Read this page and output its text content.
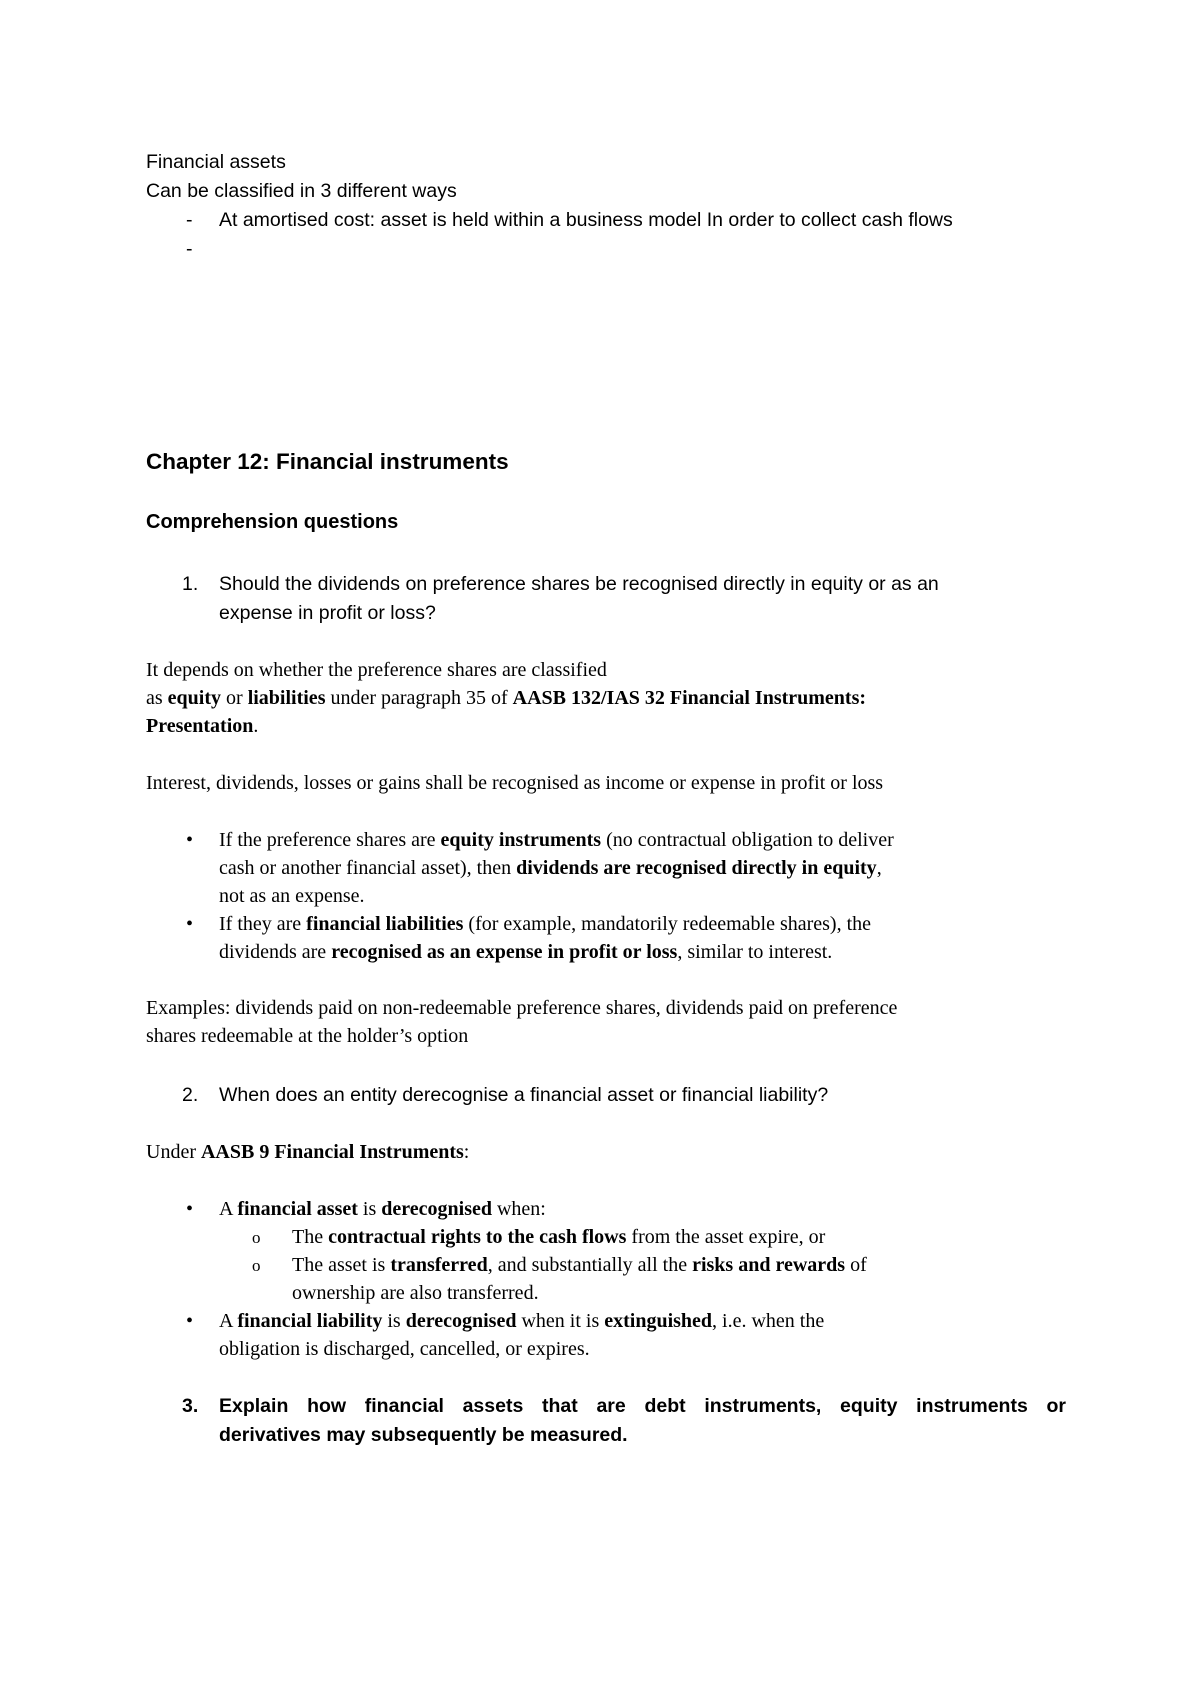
Financial assets
Can be classified in 3 different ways
- At amortised cost: asset is held within a business model In order to collect cash flows
-
Chapter 12: Financial instruments
Comprehension questions
1.	Should the dividends on preference shares be recognised directly in equity or as an
expense in profit or loss?
It depends on whether the preference shares are classified
as equity or liabilities under paragraph 35 of AASB 132/IAS 32 Financial Instruments:
Presentation.
Interest, dividends, losses or gains shall be recognised as income or expense in profit or loss
•	If the preference shares are equity instruments (no contractual obligation to deliver
cash or another financial asset), then dividends are recognised directly in equity,
not as an expense.
•	If they are financial liabilities (for example, mandatorily redeemable shares), the
dividends are recognised as an expense in profit or loss, similar to interest.
Examples: dividends paid on non-redeemable preference shares, dividends paid on preference
shares redeemable at the holder’s option
2.	When does an entity derecognise a financial asset or financial liability?
Under AASB 9 Financial Instruments:
•	A financial asset is derecognised when:
o	The contractual rights to the cash flows from the asset expire, or
o	The asset is transferred, and substantially all the risks and rewards of
ownership are also transferred.
•	A financial liability is derecognised when it is extinguished, i.e. when the
obligation is discharged, cancelled, or expires.
3.	Explain how financial assets that are debt instruments, equity instruments or
derivatives may subsequently be measured.
